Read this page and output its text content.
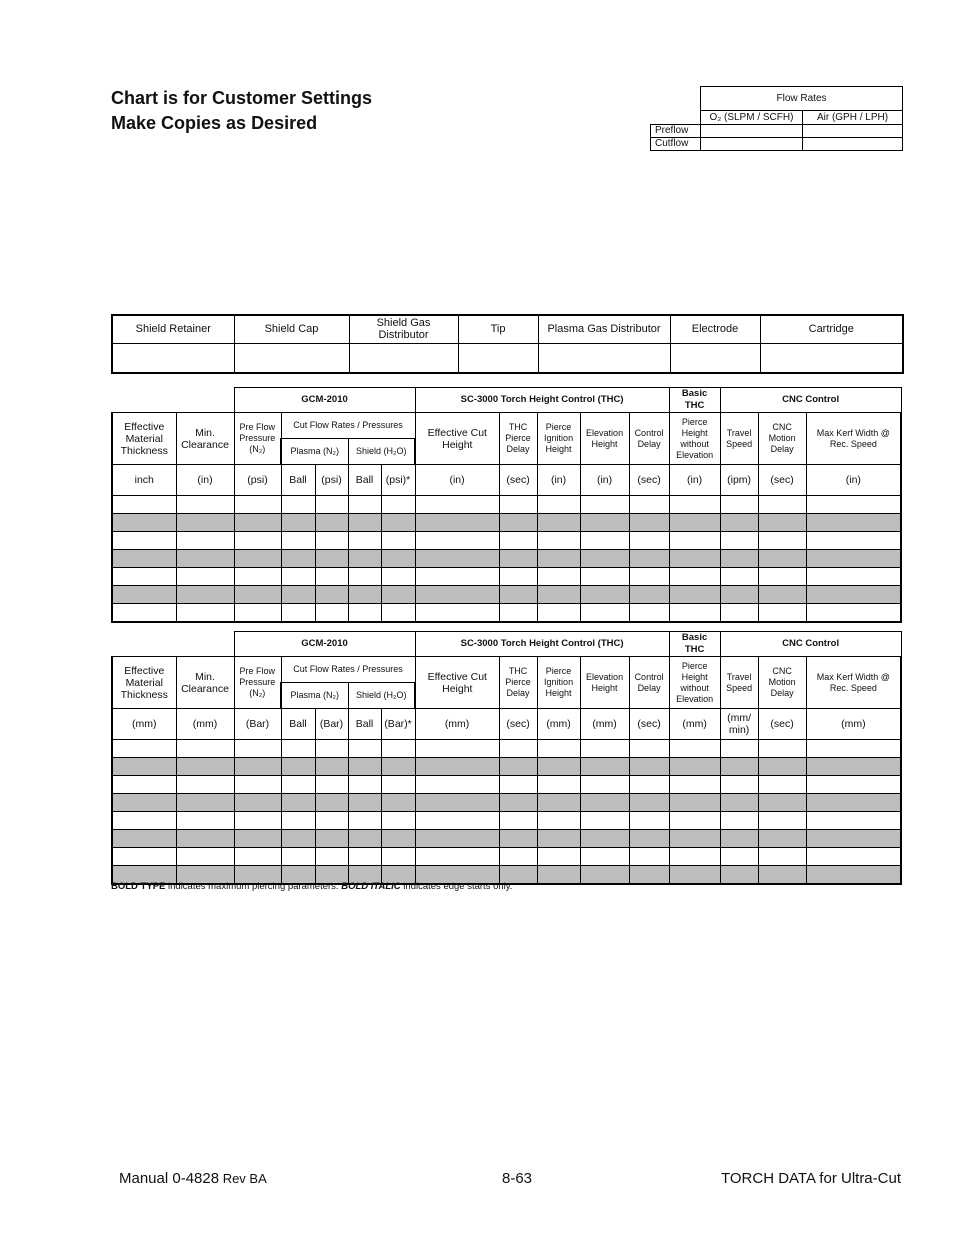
Chart is for Customer Settings
Make Copies as Desired
	Flow Rates	
	O₂ (SLPM / SCFH)	Air (GPH / LPH)
Preflow		
Cutflow		
Shield Retainer	Shield Cap	Shield Gas Distributor	Tip	Plasma Gas Distributor	Electrode	Cartridge

		GCM-2010					SC-3000 Torch Height Control (THC)					Basic THC	CNC Control		
Effective Material Thickness	Min. Clearance	Pre Flow Pressure (N₂)	Cut Flow Rates / Pressures				Effective Cut Height	THC Pierce Delay	Pierce Ignition Height	Elevation Height	Control Delay	Pierce Height without Elevation	Travel Speed	CNC Motion Delay	Max Kerf Width @ Rec. Speed
			Plasma (N₂)		Shield (H₂O)										
inch	(in)	(psi)	Ball	(psi)	Ball	(psi)*	(in)	(sec)	(in)	(in)	(sec)	(in)	(ipm)	(sec)	(in)

		GCM-2010					SC-3000 Torch Height Control (THC)					Basic THC	CNC Control		
Effective Material Thickness	Min. Clearance	Pre Flow Pressure (N₂)	Cut Flow Rates / Pressures				Effective Cut Height	THC Pierce Delay	Pierce Ignition Height	Elevation Height	Control Delay	Pierce Height without Elevation	Travel Speed	CNC Motion Delay	Max Kerf Width @ Rec. Speed
			Plasma (N₂)		Shield (H₂O)										
(mm)	(mm)	(Bar)	Ball	(Bar)	Ball	(Bar)*	(mm)	(sec)	(mm)	(mm)	(sec)	(mm)	(mm/ min)	(sec)	(mm)

BOLD TYPE indicates maximum piercing parameters. BOLD ITALIC indicates edge starts only.
Manual 0-4828 Rev BA	8-63	TORCH DATA for Ultra-Cut
